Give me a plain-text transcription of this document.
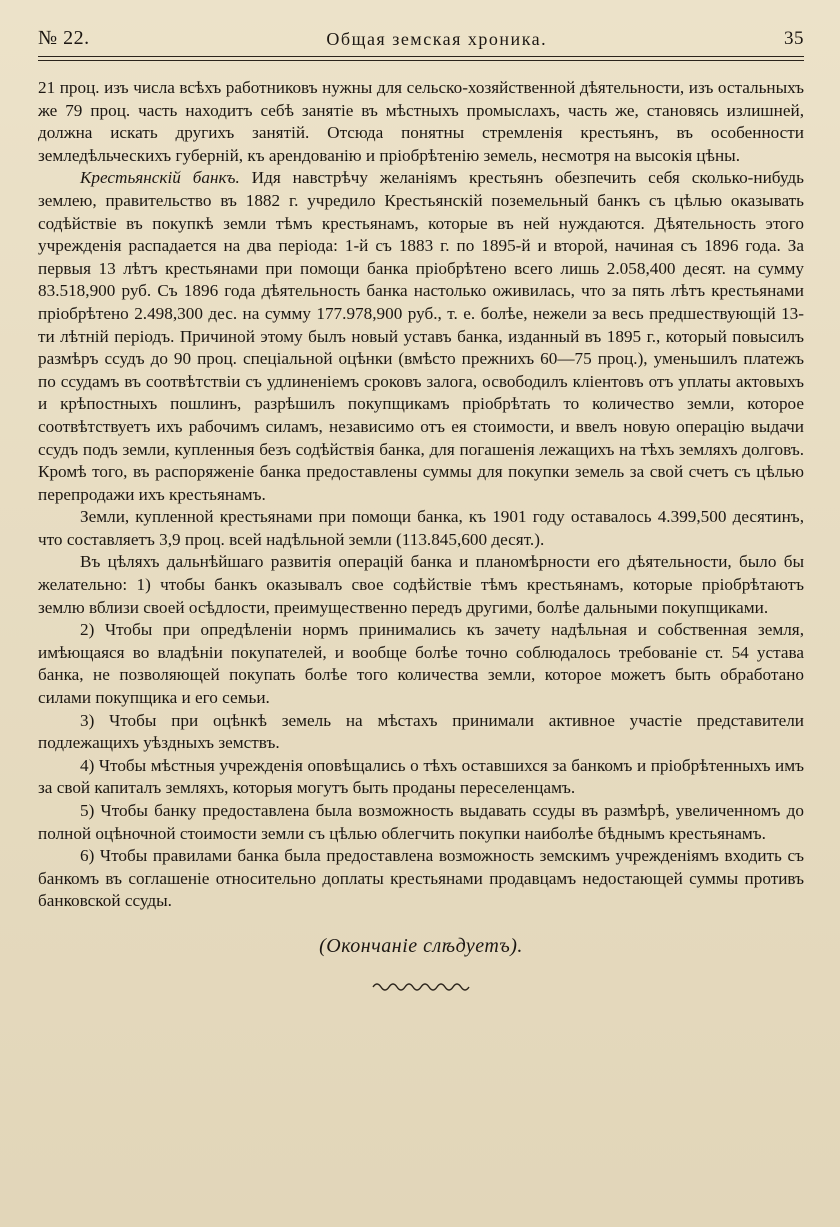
№ 22.	Общая земская хроника.	35

21 проц. изъ числа всѣхъ работниковъ нужны для сельско-хозяйственной дѣятельности, изъ остальныхъ же 79 проц. часть находитъ себѣ занятіе въ мѣстныхъ промыслахъ, часть же, становясь излишней, должна искать другихъ занятій. Отсюда понятны стремленія крестьянъ, въ особенности земледѣльческихъ губерній, къ арендованію и пріобрѣтенію земель, несмотря на высокія цѣны.

Крестьянскій банкъ. Идя навстрѣчу желаніямъ крестьянъ обезпечить себя сколько-нибудь землею, правительство въ 1882 г. учредило Крестьянскій поземельный банкъ съ цѣлью оказывать содѣйствіе въ покупкѣ земли тѣмъ крестьянамъ, которые въ ней нуждаются. Дѣятельность этого учрежденія распадается на два періода: 1-й съ 1883 г. по 1895-й и второй, начиная съ 1896 года. За первыя 13 лѣтъ крестьянами при помощи банка пріобрѣтено всего лишь 2.058,400 десят. на сумму 83.518,900 руб. Съ 1896 года дѣятельность банка настолько оживилась, что за пять лѣтъ крестьянами пріобрѣтено 2.498,300 дес. на сумму 177.978,900 руб., т. е. болѣе, нежели за весь предшествующій 13-ти лѣтній періодъ. Причиной этому былъ новый уставъ банка, изданный въ 1895 г., который повысилъ размѣръ ссудъ до 90 проц. спеціальной оцѣнки (вмѣсто прежнихъ 60—75 проц.), уменьшилъ платежъ по ссудамъ въ соотвѣтствіи съ удлиненіемъ сроковъ залога, освободилъ кліентовъ отъ уплаты актовыхъ и крѣпостныхъ пошлинъ, разрѣшилъ покупщикамъ пріобрѣтать то количество земли, которое соотвѣтствуетъ ихъ рабочимъ силамъ, независимо отъ ея стоимости, и ввелъ новую операцію выдачи ссудъ подъ земли, купленныя безъ содѣйствія банка, для погашенія лежащихъ на тѣхъ земляхъ долговъ. Кромѣ того, въ распоряженіе банка предоставлены суммы для покупки земель за свой счетъ съ цѣлью перепродажи ихъ крестьянамъ.

Земли, купленной крестьянами при помощи банка, къ 1901 году оставалось 4.399,500 десятинъ, что составляетъ 3,9 проц. всей надѣльной земли (113.845,600 десят.).

Въ цѣляхъ дальнѣйшаго развитія операцій банка и планомѣрности его дѣятельности, было бы желательно: 1) чтобы банкъ оказывалъ свое содѣйствіе тѣмъ крестьянамъ, которые пріобрѣтаютъ землю вблизи своей осѣдлости, преимущественно передъ другими, болѣе дальными покупщиками.

2) Чтобы при опредѣленіи нормъ принимались къ зачету надѣльная и собственная земля, имѣющаяся во владѣніи покупателей, и вообще болѣе точно соблюдалось требованіе ст. 54 устава банка, не позволяющей покупать болѣе того количества земли, которое можетъ быть обработано силами покупщика и его семьи.

3) Чтобы при оцѣнкѣ земель на мѣстахъ принимали активное участіе представители подлежащихъ уѣздныхъ земствъ.

4) Чтобы мѣстныя учрежденія оповѣщались о тѣхъ оставшихся за банкомъ и пріобрѣтенныхъ имъ за свой капиталъ земляхъ, которыя могутъ быть проданы переселенцамъ.

5) Чтобы банку предоставлена была возможность выдавать ссуды въ размѣрѣ, увеличенномъ до полной оцѣночной стоимости земли съ цѣлью облегчить покупки наиболѣе бѣднымъ крестьянамъ.

6) Чтобы правилами банка была предоставлена возможность земскимъ учрежденіямъ входить съ банкомъ въ соглашеніе относительно доплаты крестьянами продавцамъ недостающей суммы противъ банковской ссуды.

(Окончаніе слѣдуетъ).
